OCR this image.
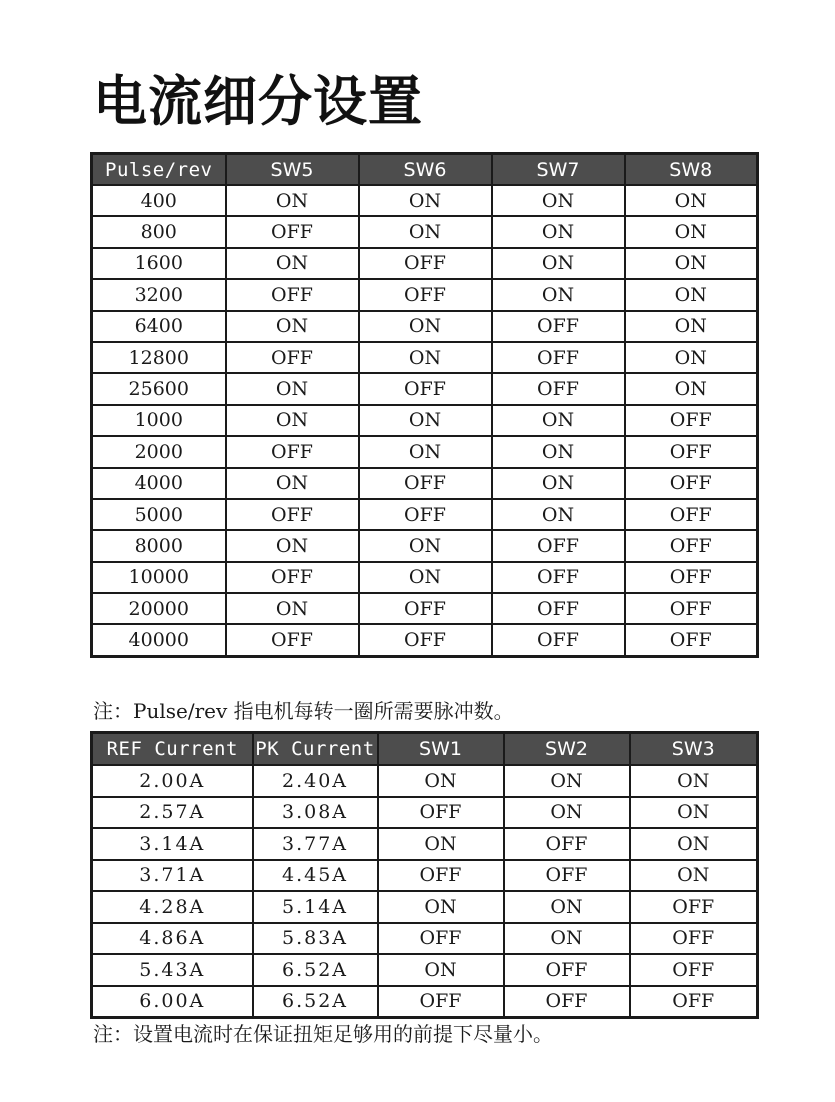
电流细分设置
Pulse/rev	SW5	SW6	SW7	SW8
400	ON	ON	ON	ON
800	OFF	ON	ON	ON
1600	ON	OFF	ON	ON
3200	OFF	OFF	ON	ON
6400	ON	ON	OFF	ON
12800	OFF	ON	OFF	ON
25600	ON	OFF	OFF	ON
1000	ON	ON	ON	OFF
2000	OFF	ON	ON	OFF
4000	ON	OFF	ON	OFF
5000	OFF	OFF	ON	OFF
8000	ON	ON	OFF	OFF
10000	OFF	ON	OFF	OFF
20000	ON	OFF	OFF	OFF
40000	OFF	OFF	OFF	OFF

注：Pulse/rev 指电机每转一圈所需要脉冲数。

REF Current	PK Current	SW1	SW2	SW3
2.00A	2.40A	ON	ON	ON
2.57A	3.08A	OFF	ON	ON
3.14A	3.77A	ON	OFF	ON
3.71A	4.45A	OFF	OFF	ON
4.28A	5.14A	ON	ON	OFF
4.86A	5.83A	OFF	ON	OFF
5.43A	6.52A	ON	OFF	OFF
6.00A	6.52A	OFF	OFF	OFF

注：设置电流时在保证扭矩足够用的前提下尽量小。
